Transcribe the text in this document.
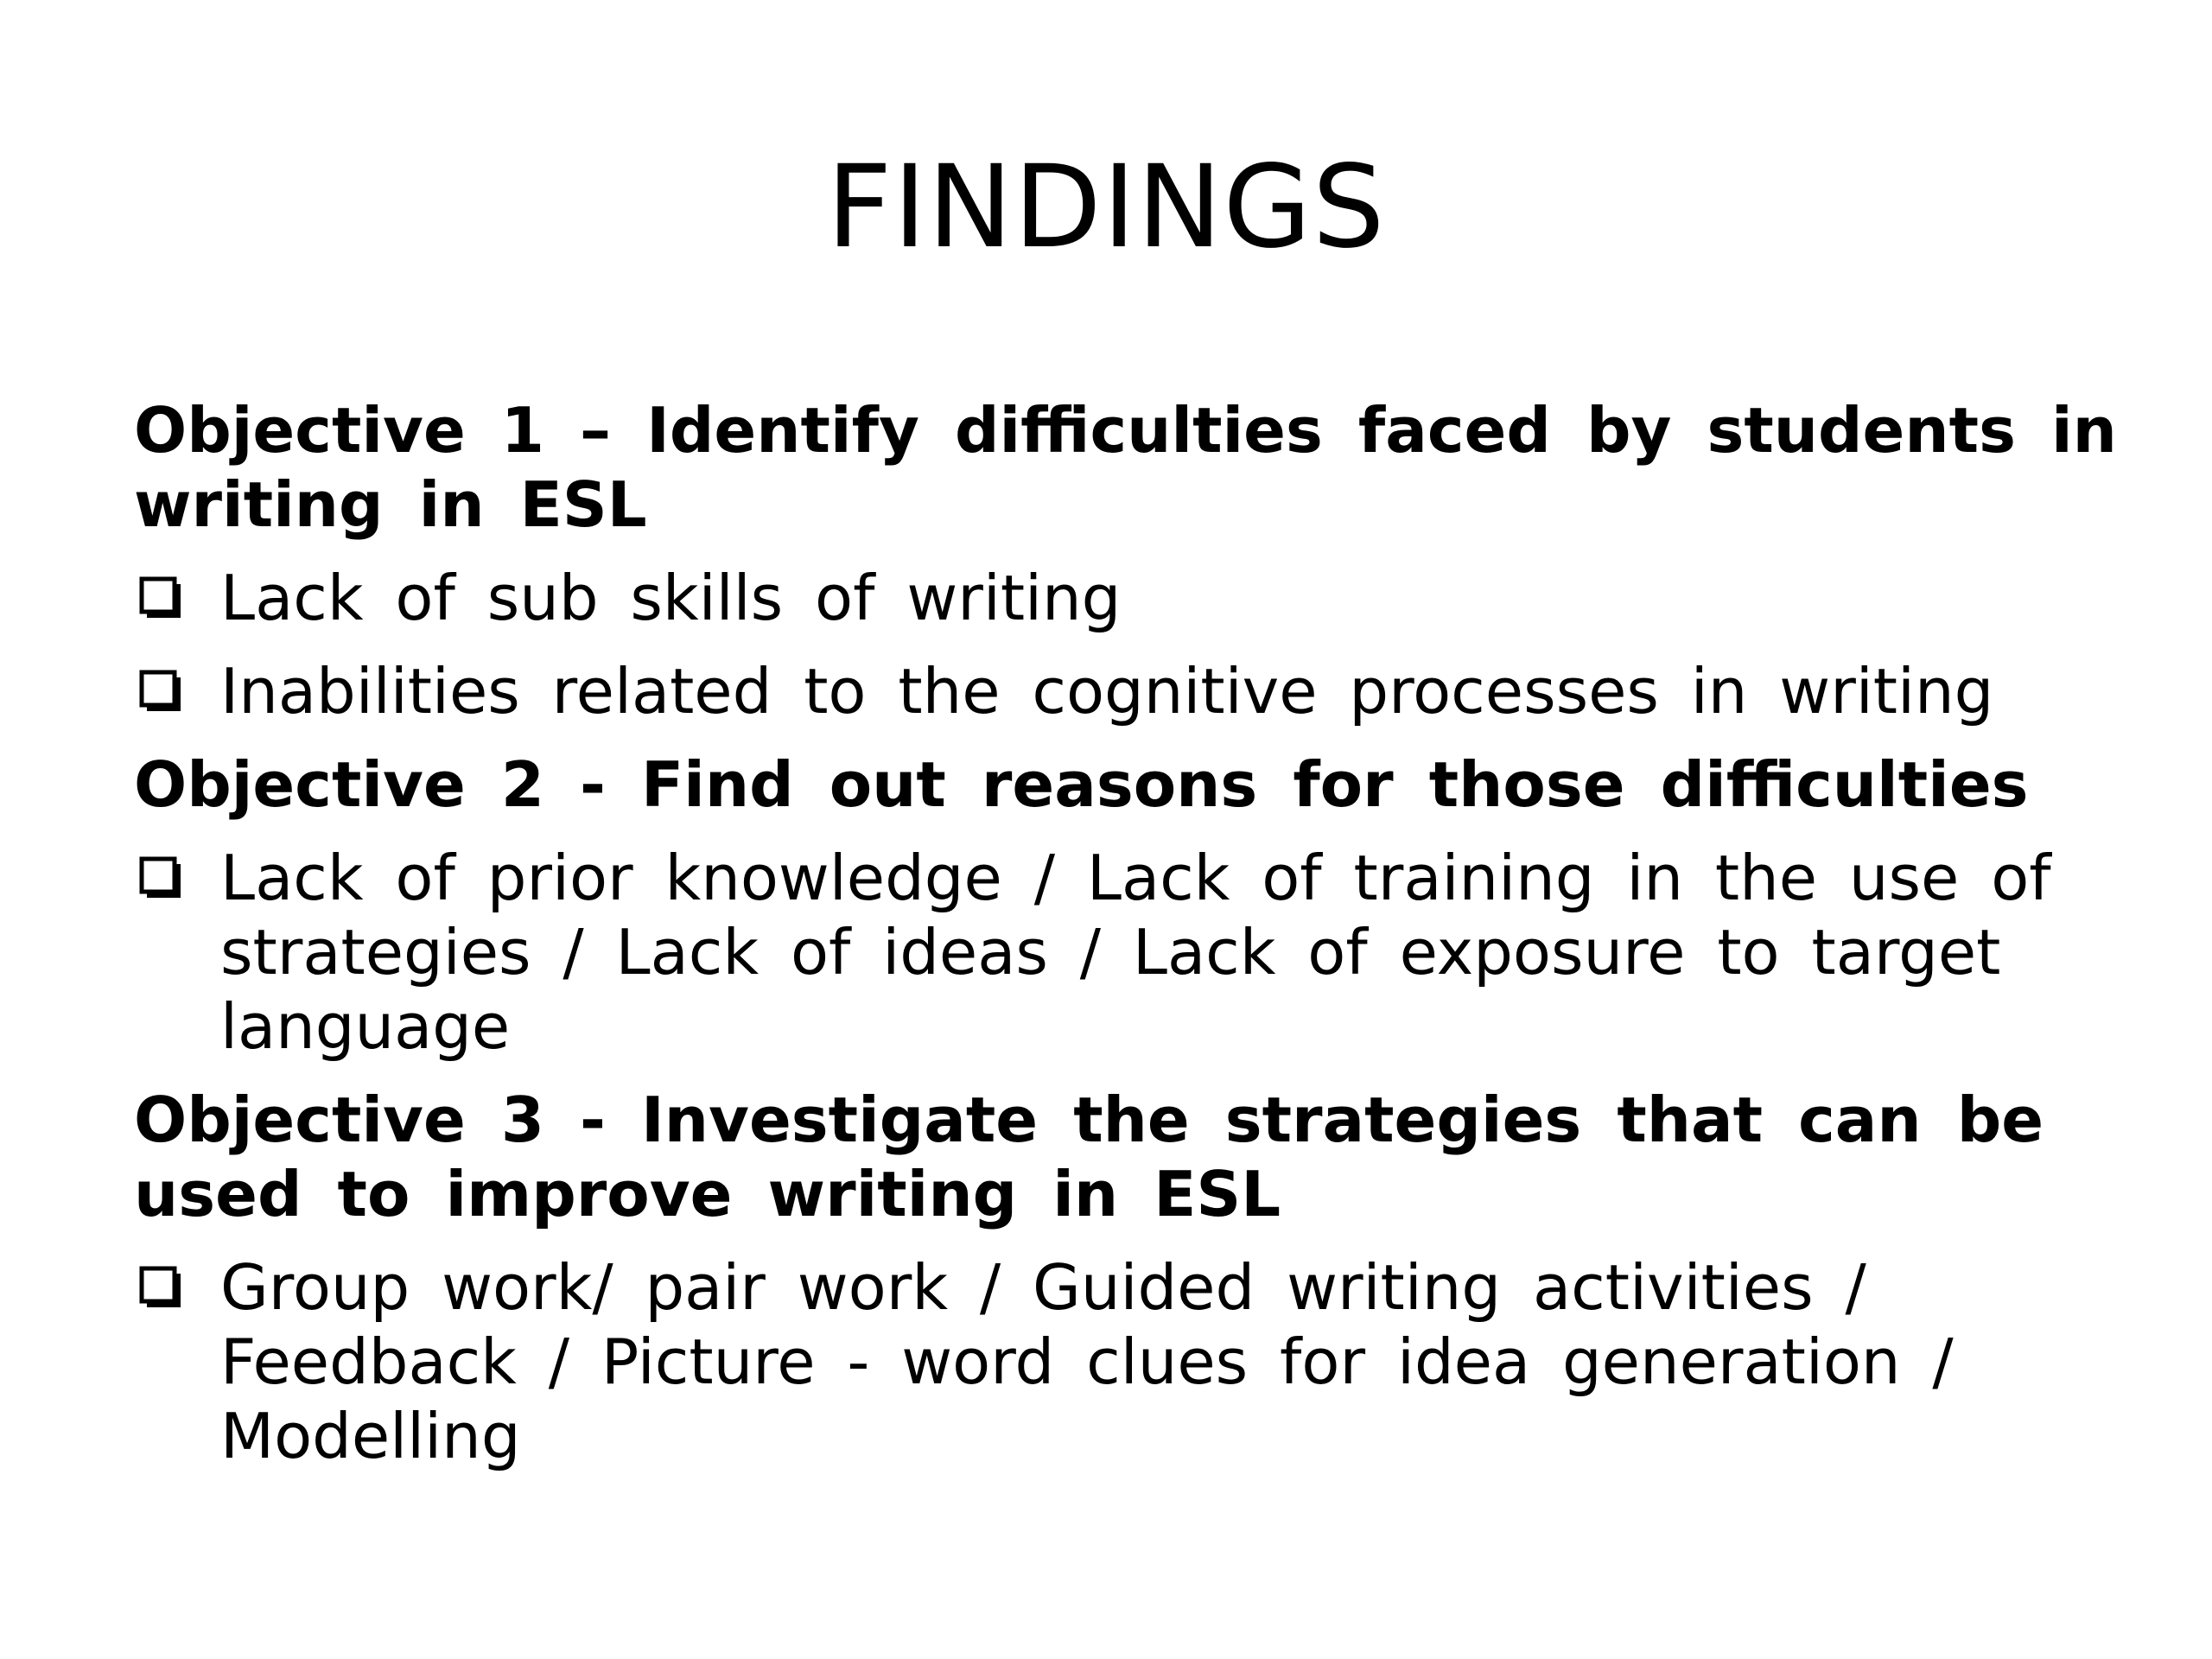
FINDINGS

Objective 1 – Identify difficulties faced by students in writing in ESL

Lack of sub skills of writing
Inabilities related to the cognitive processes in writing

Objective 2 - Find out reasons for those difficulties

Lack of prior knowledge / Lack of training in the use of strategies / Lack of ideas / Lack of exposure to target language

Objective 3 - Investigate the strategies that can be used to improve writing in ESL

Group work/ pair work / Guided writing activities / Feedback / Picture - word clues for idea generation / Modelling
